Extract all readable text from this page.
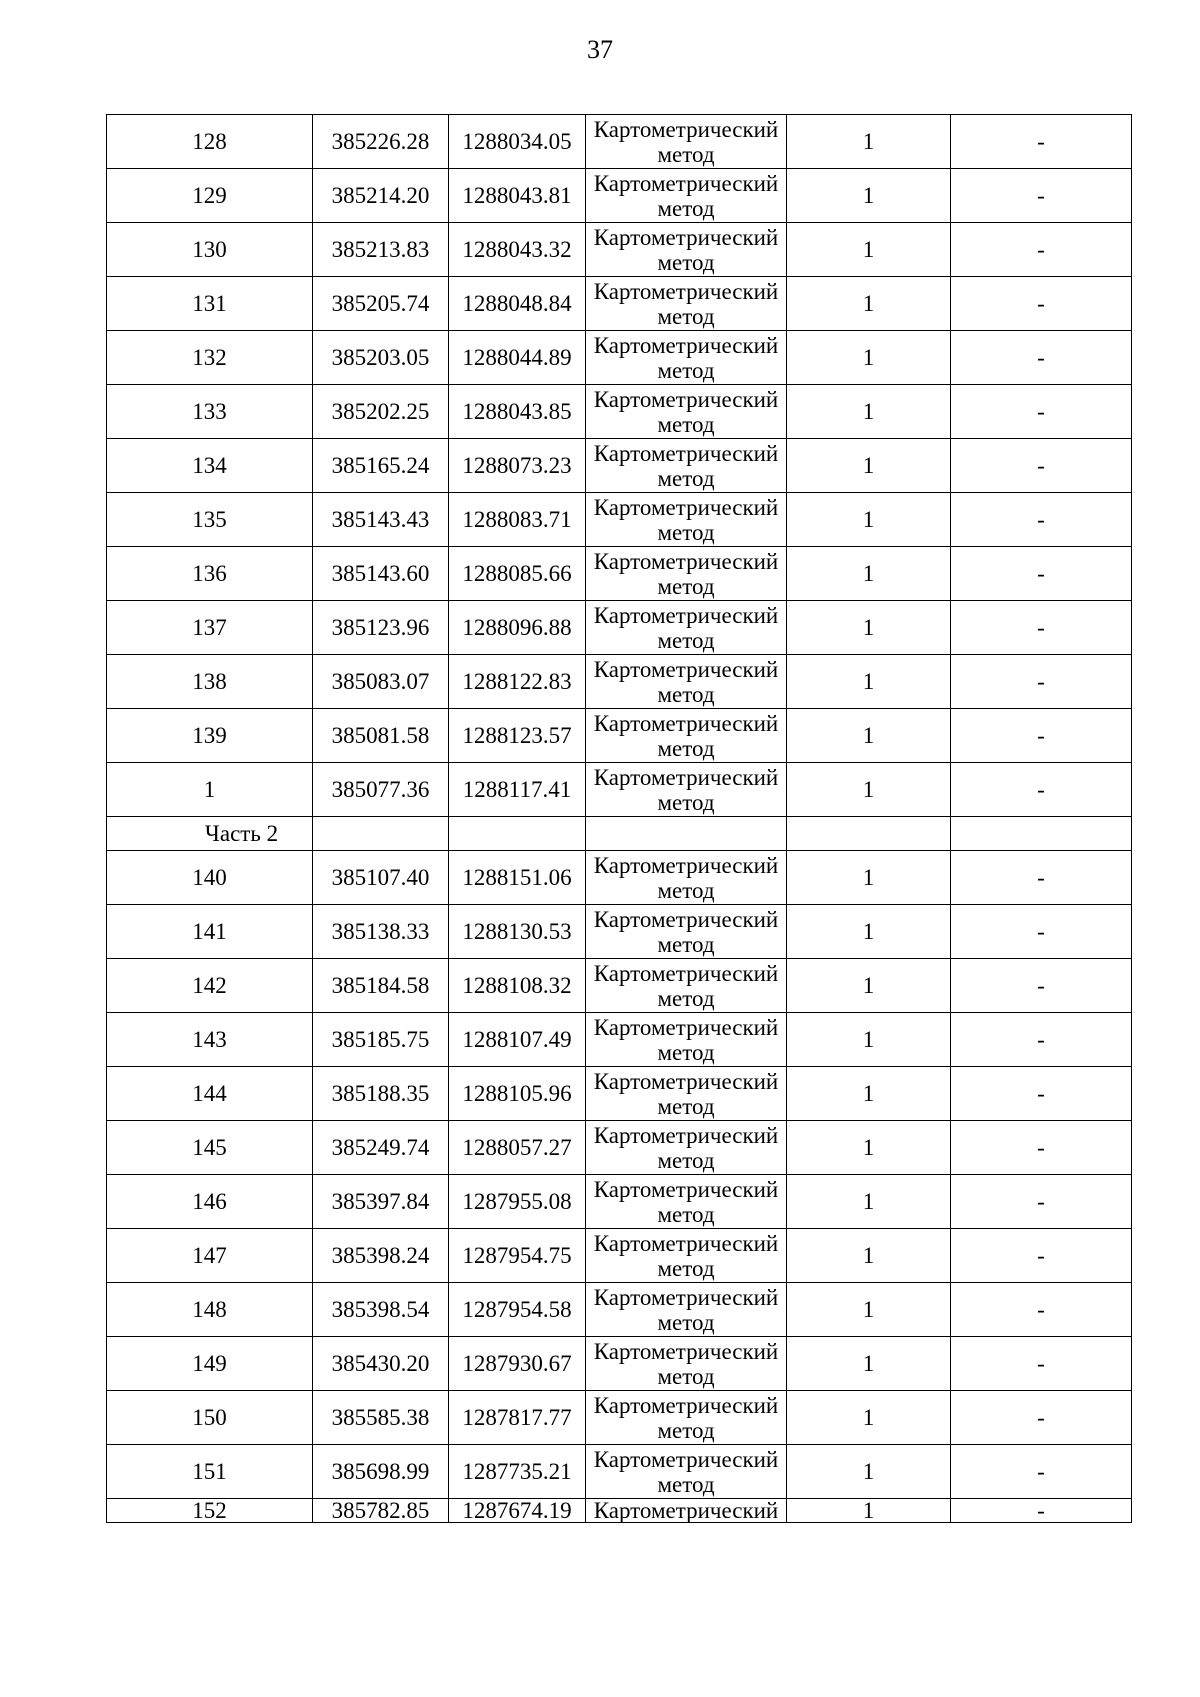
37
128	385226.28	1288034.05	Картометрический
метод	1	-
129	385214.20	1288043.81	Картометрический
метод	1	-
130	385213.83	1288043.32	Картометрический
метод	1	-
131	385205.74	1288048.84	Картометрический
метод	1	-
132	385203.05	1288044.89	Картометрический
метод	1	-
133	385202.25	1288043.85	Картометрический
метод	1	-
134	385165.24	1288073.23	Картометрический
метод	1	-
135	385143.43	1288083.71	Картометрический
метод	1	-
136	385143.60	1288085.66	Картометрический
метод	1	-
137	385123.96	1288096.88	Картометрический
метод	1	-
138	385083.07	1288122.83	Картометрический
метод	1	-
139	385081.58	1288123.57	Картометрический
метод	1	-
1	385077.36	1288117.41	Картометрический
метод	1	-
Часть 2					
140	385107.40	1288151.06	Картометрический
метод	1	-
141	385138.33	1288130.53	Картометрический
метод	1	-
142	385184.58	1288108.32	Картометрический
метод	1	-
143	385185.75	1288107.49	Картометрический
метод	1	-
144	385188.35	1288105.96	Картометрический
метод	1	-
145	385249.74	1288057.27	Картометрический
метод	1	-
146	385397.84	1287955.08	Картометрический
метод	1	-
147	385398.24	1287954.75	Картометрический
метод	1	-
148	385398.54	1287954.58	Картометрический
метод	1	-
149	385430.20	1287930.67	Картометрический
метод	1	-
150	385585.38	1287817.77	Картометрический
метод	1	-
151	385698.99	1287735.21	Картометрический
метод	1	-
152	385782.85	1287674.19	Картометрический	1	-
